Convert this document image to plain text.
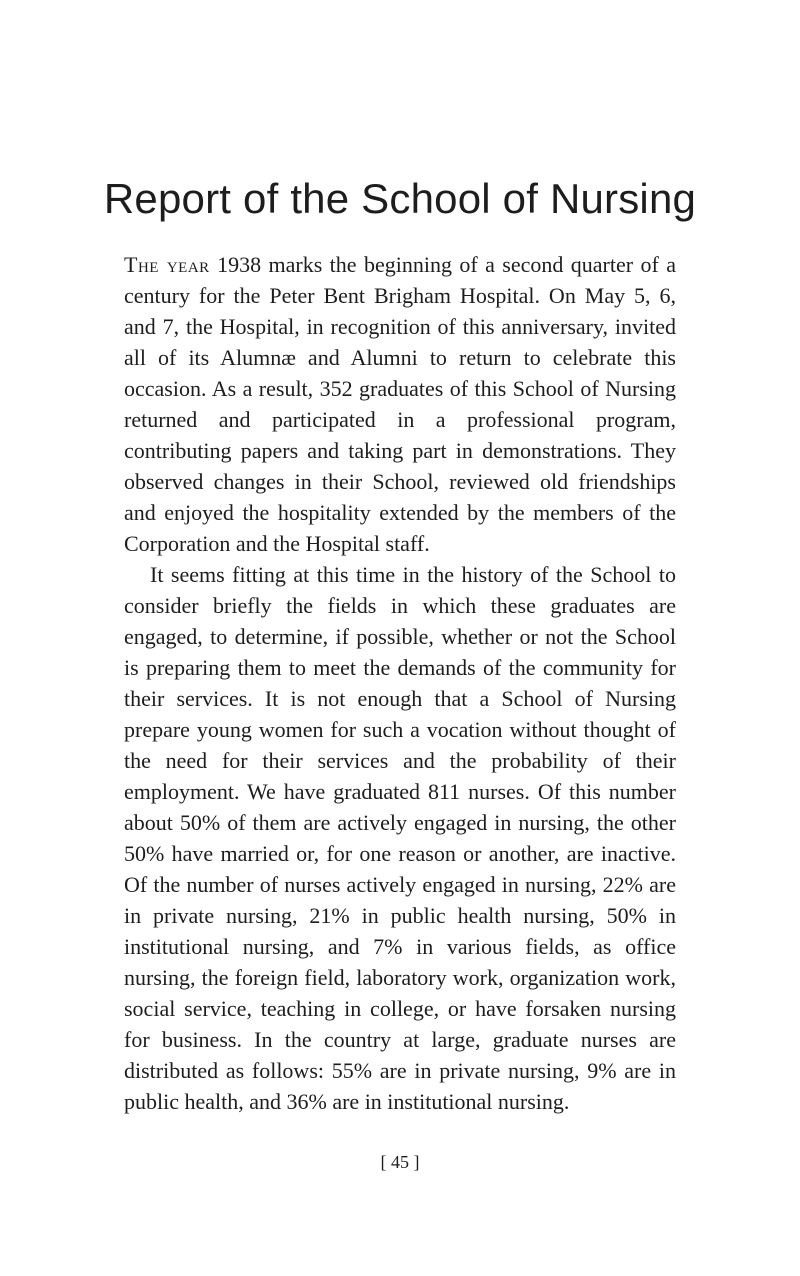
Report of the School of Nursing

The year 1938 marks the beginning of a second quarter of a century for the Peter Bent Brigham Hospital. On May 5, 6, and 7, the Hospital, in recognition of this anniversary, invited all of its Alumnæ and Alumni to return to celebrate this occasion. As a result, 352 graduates of this School of Nursing returned and participated in a professional program, contributing papers and taking part in demonstrations. They observed changes in their School, reviewed old friendships and enjoyed the hospitality extended by the members of the Corporation and the Hospital staff.

It seems fitting at this time in the history of the School to consider briefly the fields in which these graduates are engaged, to determine, if possible, whether or not the School is preparing them to meet the demands of the community for their services. It is not enough that a School of Nursing prepare young women for such a vocation without thought of the need for their services and the probability of their employment. We have graduated 811 nurses. Of this number about 50% of them are actively engaged in nursing, the other 50% have married or, for one reason or another, are inactive. Of the number of nurses actively engaged in nursing, 22% are in private nursing, 21% in public health nursing, 50% in institutional nursing, and 7% in various fields, as office nursing, the foreign field, laboratory work, organization work, social service, teaching in college, or have forsaken nursing for business. In the country at large, graduate nurses are distributed as follows: 55% are in private nursing, 9% are in public health, and 36% are in institutional nursing.

[ 45 ]
